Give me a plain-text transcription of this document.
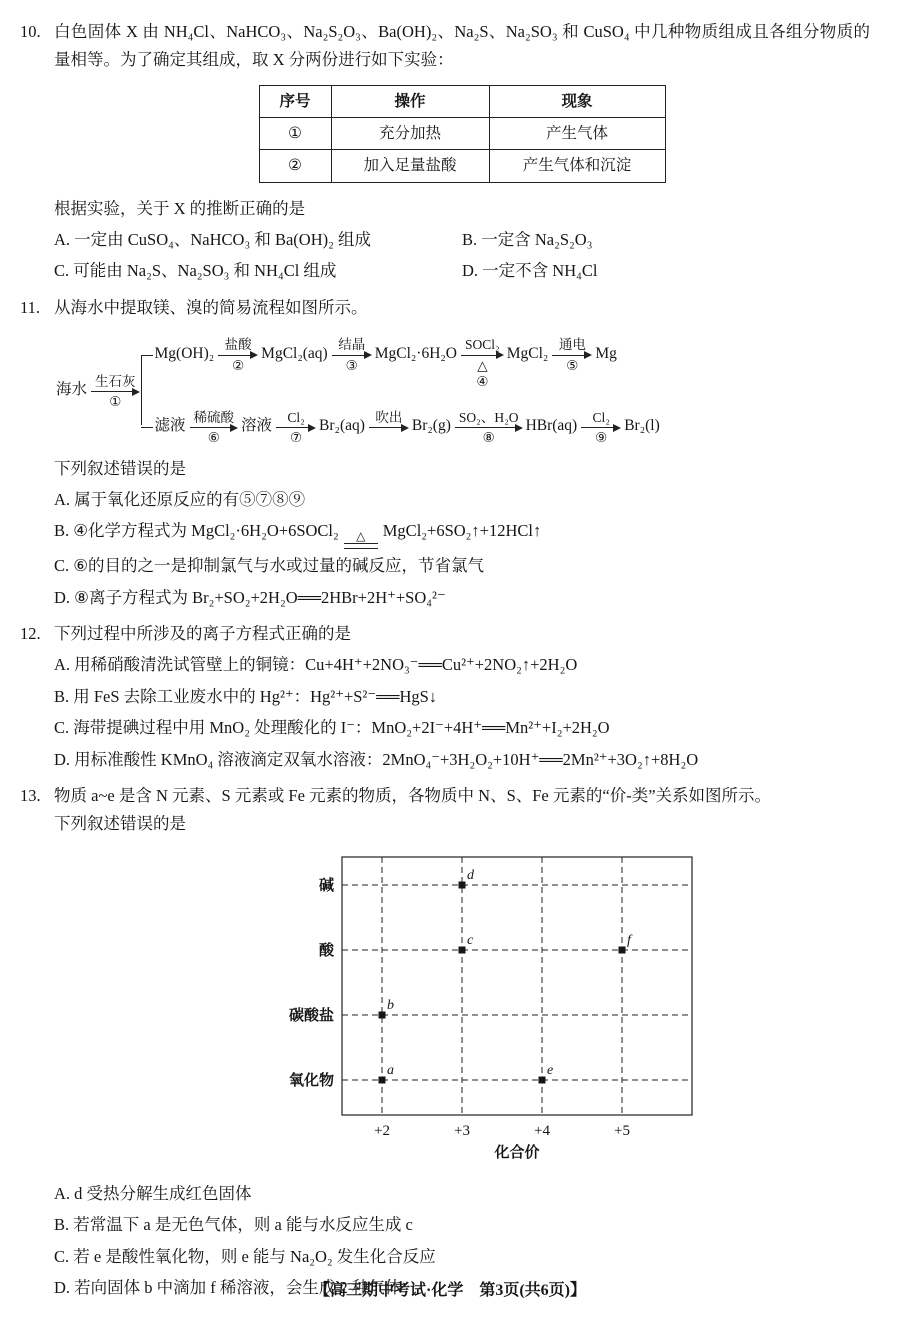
10. 白色固体 X 由 NH₄Cl、NaHCO₃、Na₂S₂O₃、Ba(OH)₂、Na₂S、Na₂SO₃ 和 CuSO₄ 中几种物质组成且各组分物质的量相等。为了确定其组成，取 X 分两份进行如下实验：
序号	操作	现象
①	充分加热	产生气体
②	加入足量盐酸	产生气体和沉淀
根据实验，关于 X 的推断正确的是
A. 一定由 CuSO₄、NaHCO₃ 和 Ba(OH)₂ 组成	B. 一定含 Na₂S₂O₃
C. 可能由 Na₂S、Na₂SO₃ 和 NH₄Cl 组成	D. 一定不含 NH₄Cl
11. 从海水中提取镁、溴的简易流程如图所示。
海水
生石灰
①
Mg(OH)₂
盐酸
②
MgCl₂(aq)
结晶
③
MgCl₂·6H₂O
SOCl₂
△
④
MgCl₂
通电
⑤
Mg
滤液
稀硫酸
⑥
溶液
Cl₂
⑦
Br₂(aq)
吹出
Br₂(g)
SO₂、H₂O
⑧
HBr(aq)
Cl₂
⑨
Br₂(l)
下列叙述错误的是
A. 属于氧化还原反应的有⑤⑦⑧⑨
B. ④化学方程式为 MgCl₂·6H₂O+6SOCl₂ △ MgCl₂+6SO₂↑+12HCl↑
C. ⑥的目的之一是抑制氯气与水或过量的碱反应，节省氯气
D. ⑧离子方程式为 Br₂+SO₂+2H₂O══2HBr+2H⁺+SO₄²⁻
12. 下列过程中所涉及的离子方程式正确的是
A. 用稀硝酸清洗试管壁上的铜镜：Cu+4H⁺+2NO₃⁻══Cu²⁺+2NO₂↑+2H₂O
B. 用 FeS 去除工业废水中的 Hg²⁺：Hg²⁺+S²⁻══HgS↓
C. 海带提碘过程中用 MnO₂ 处理酸化的 I⁻：MnO₂+2I⁻+4H⁺══Mn²⁺+I₂+2H₂O
D. 用标准酸性 KMnO₄ 溶液滴定双氧水溶液：2MnO₄⁻+3H₂O₂+10H⁺══2Mn²⁺+3O₂↑+8H₂O
13. 物质 a~e 是含 N 元素、S 元素或 Fe 元素的物质，各物质中 N、S、Fe 元素的“价-类”关系如图所示。
下列叙述错误的是
碱
酸
碳酸盐
氧化物
+2	+3	+4	+5
化合价
a
b
c
d
e
f
A. d 受热分解生成红色固体
B. 若常温下 a 是无色气体，则 a 能与水反应生成 c
C. 若 e 是酸性氧化物，则 e 能与 Na₂O₂ 发生化合反应
D. 若向固体 b 中滴加 f 稀溶液，会生成 2 种气体
【高三期中考试·化学　第3页(共6页)】
